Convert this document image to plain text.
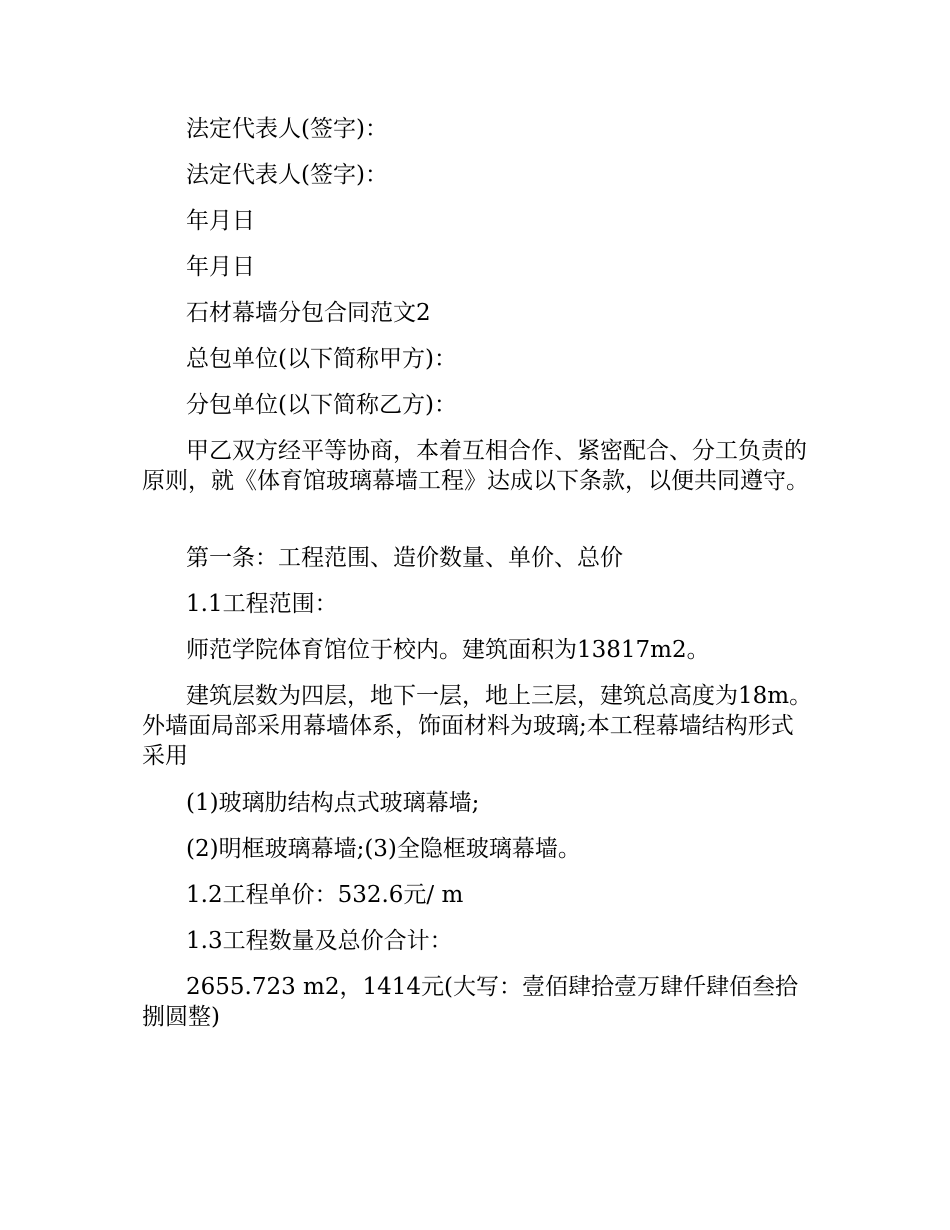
法定代表人(签字)：

法定代表人(签字)：

年月日

年月日

石材幕墙分包合同范文2

总包单位(以下简称甲方)：

分包单位(以下简称乙方)：

甲乙双方经平等协商，本着互相合作、紧密配合、分工负责的原则，就《体育馆玻璃幕墙工程》达成以下条款，以便共同遵守。

第一条：工程范围、造价数量、单价、总价

1.1工程范围：

师范学院体育馆位于校内。建筑面积为13817m2。

建筑层数为四层，地下一层，地上三层，建筑总高度为18m。外墙面局部采用幕墙体系，饰面材料为玻璃;本工程幕墙结构形式采用

(1)玻璃肋结构点式玻璃幕墙;

(2)明框玻璃幕墙;(3)全隐框玻璃幕墙。

1.2工程单价：532.6元/ m

1.3工程数量及总价合计：

2655.723 m2，1414元(大写：壹佰肆拾壹万肆仟肆佰叁拾捌圆整)
